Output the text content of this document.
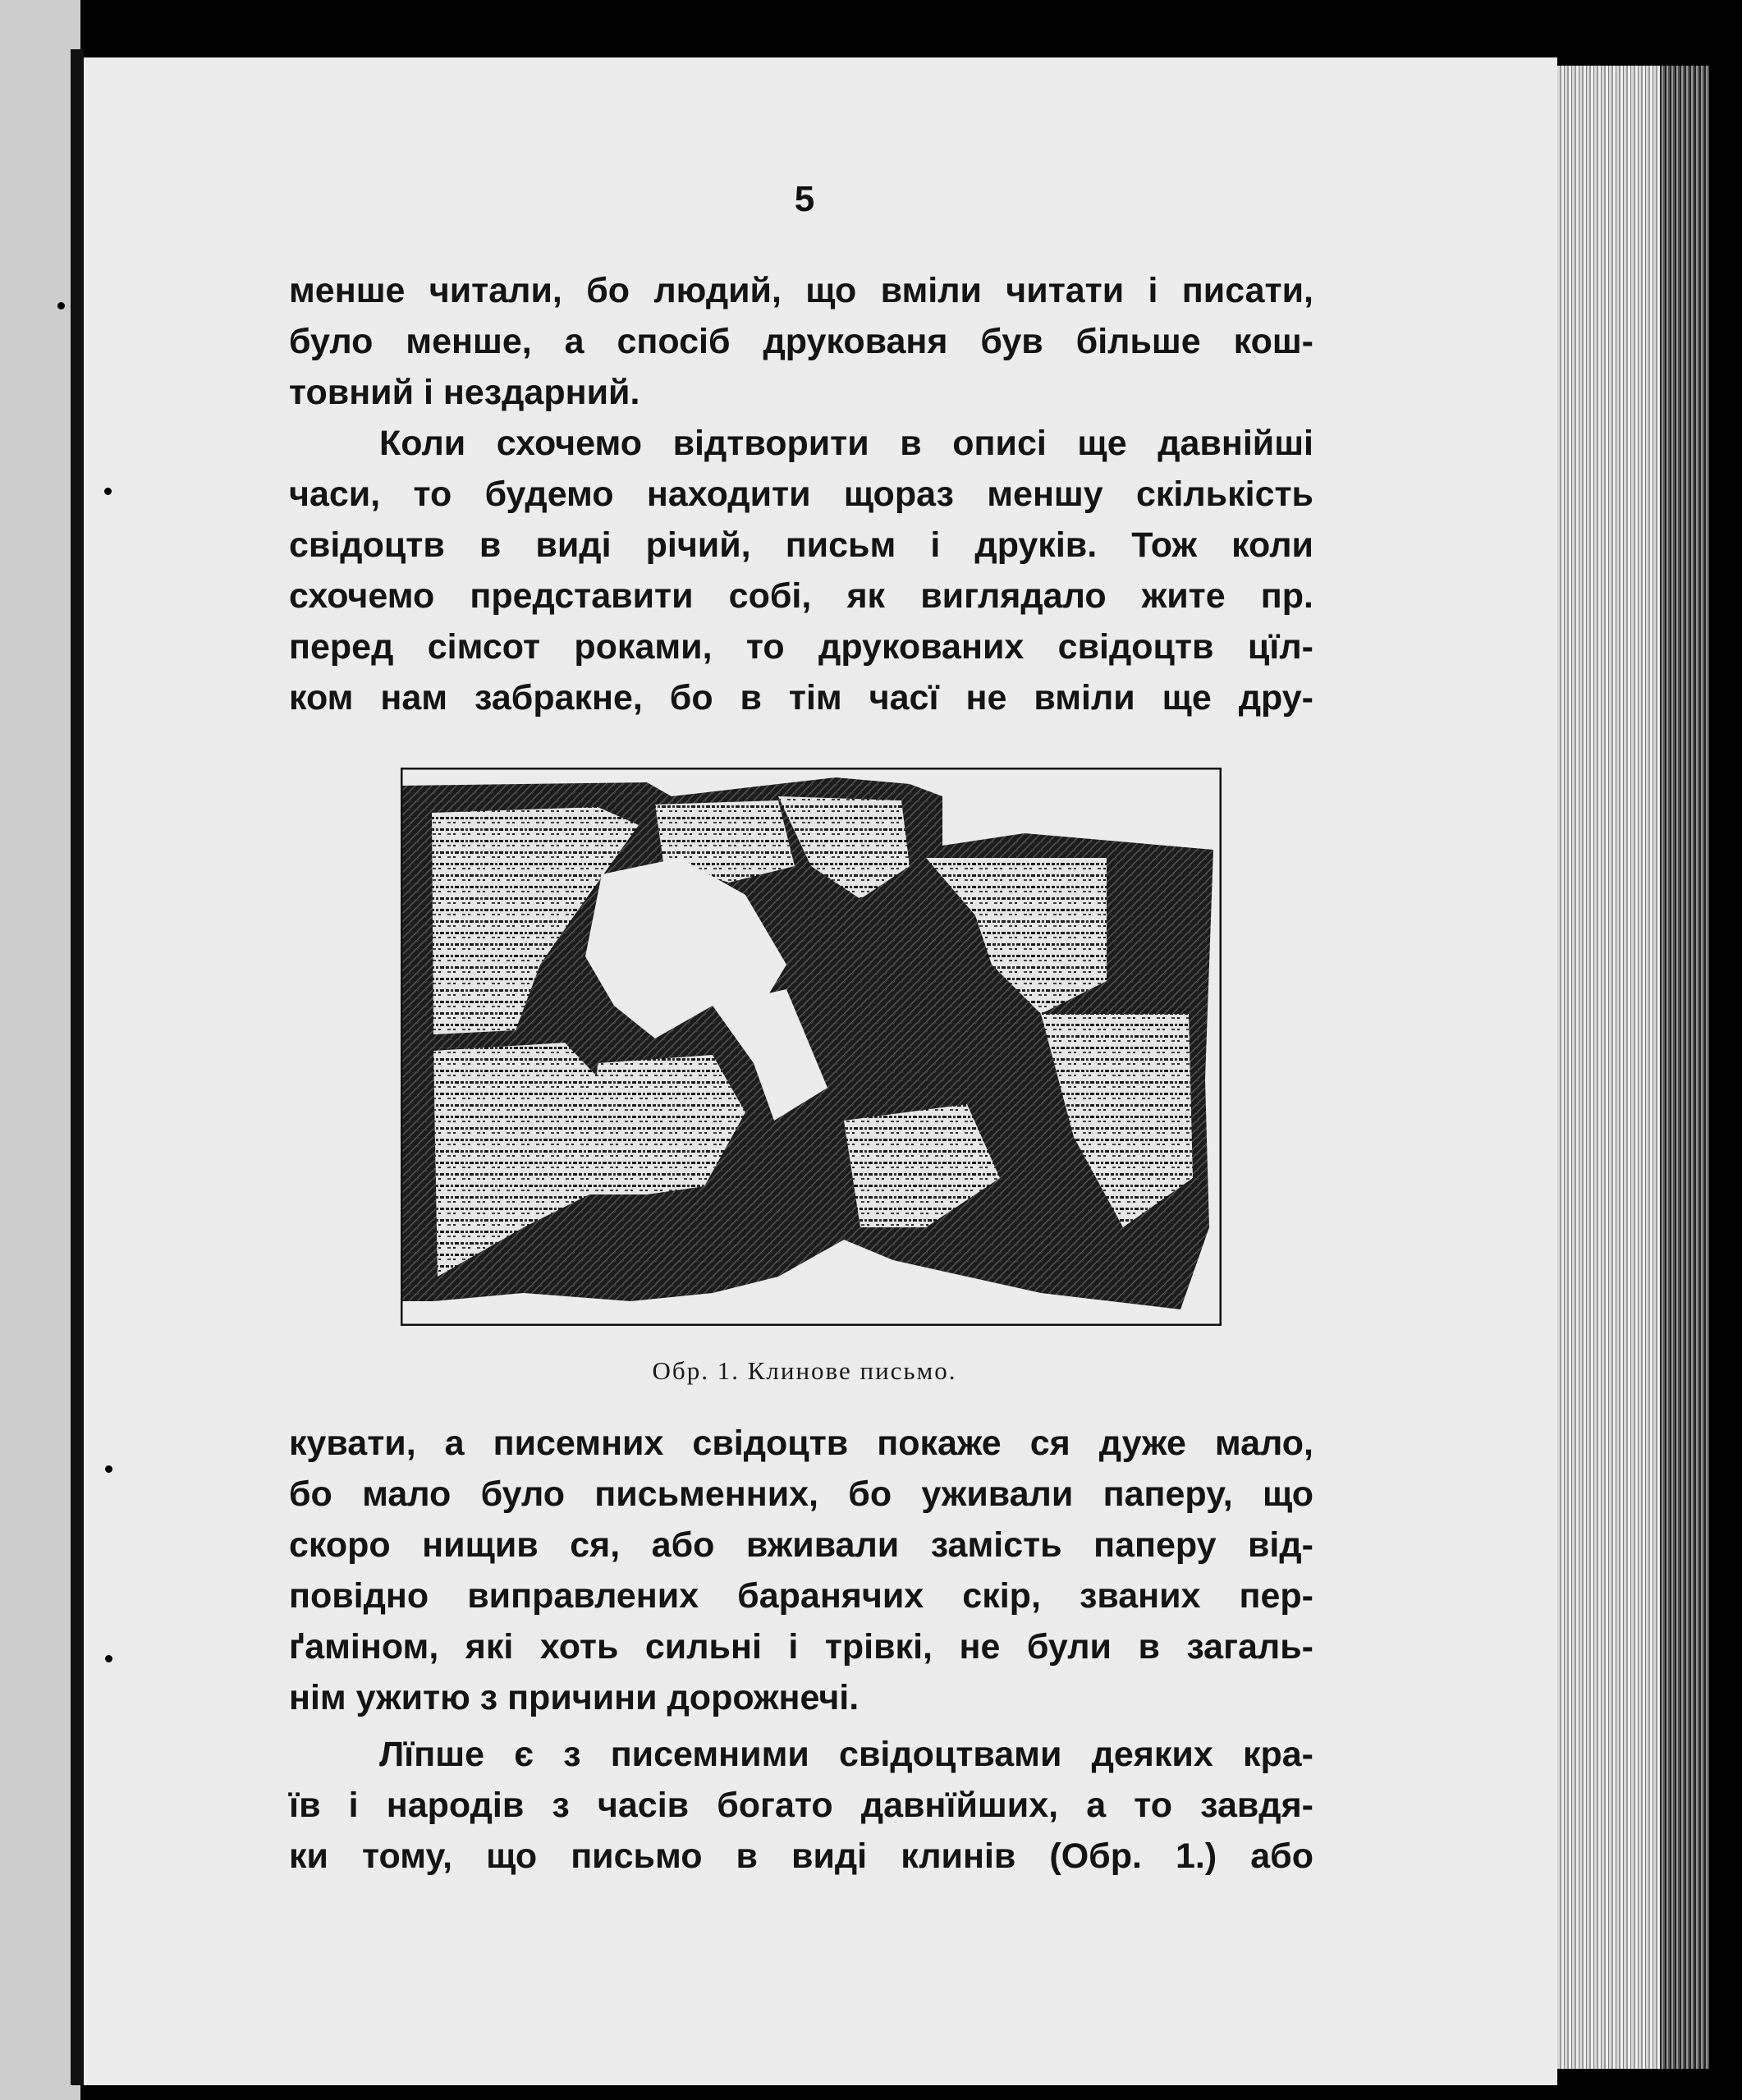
5
менше читали, бо людий, що вміли читати і писати,
було менше, а спосіб друкованя був більше кош-
товний і нездарний.
Коли схочемо відтворити в описі ще давнійші
часи, то будемо находити щораз меншу скількість
свідоцтв в виді річий, письм і друків. Тож коли
схочемо представити собі, як виглядало жите пр.
перед сімсот роками, то друкованих свідоцтв цїл-
ком нам забракне, бо в тім часї не вміли ще дру-
Обр. 1. Клинове письмо.
кувати, а писемних свідоцтв покаже ся дуже мало,
бо мало було письменних, бо уживали паперу, що
скоро нищив ся, або вживали замість паперу від-
повідно виправлених баранячих скір, званих пер-
ґаміном, які хоть сильні і трівкі, не були в загаль-
нім ужитю з причини дорожнечі.
Лїпше є з писемними свідоцтвами деяких кра-
їв і народів з часів богато давнїйших, а то завдя-
ки тому, що письмо в виді клинів (Обр. 1.) або
